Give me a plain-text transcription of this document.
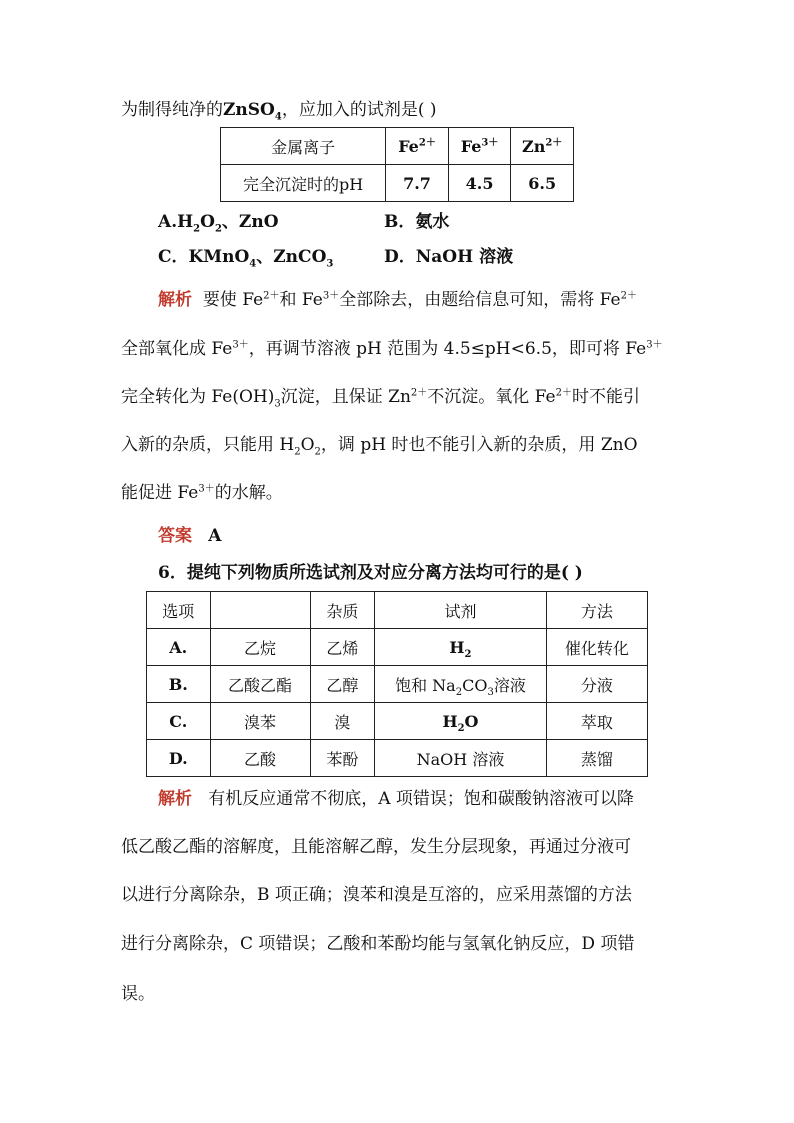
为制得纯净的ZnSO$_4$，应加入的试剂是( )
金属离子	$Fe^{2+}$	$Fe^{3+}$	$Zn^{2+}$
完全沉淀时的pH	7.7	4.5	6.5
$A.H_2O_2$、ZnO	B．氨水
C．KMnO$_4$、ZnCO$_3$	D．NaOH 溶液
解析 要使 $Fe^{2+}$和 $Fe^{3+}$全部除去，由题给信息可知，需将 $Fe^{2+}$
全部氧化成 $Fe^{3+}$，再调节溶液 pH 范围为 4.5≤pH<6.5，即可将 $Fe^{3+}$
完全转化为 $Fe(OH)_3$沉淀，且保证 $Zn^{2+}$不沉淀。氧化 $Fe^{2+}$时不能引
入新的杂质，只能用 $H_2O_2$，调 pH 时也不能引入新的杂质，用 ZnO
能促进 $Fe^{3+}$的水解。
答案 A
6．提纯下列物质所选试剂及对应分离方法均可行的是( )
选项		杂质	试剂	方法
A.	乙烷	乙烯	$H_2$	催化转化
B.	乙酸乙酯	乙醇	饱和 $Na_2CO_3$溶液	分液
C.	溴苯	溴	$H_2O$	萃取
D.	乙酸	苯酚	NaOH 溶液	蒸馏
解析 有机反应通常不彻底，A 项错误；饱和碳酸钠溶液可以降
低乙酸乙酯的溶解度，且能溶解乙醇，发生分层现象，再通过分液可
以进行分离除杂，B 项正确；溴苯和溴是互溶的，应采用蒸馏的方法
进行分离除杂，C 项错误；乙酸和苯酚均能与氢氧化钠反应，D 项错
误。
